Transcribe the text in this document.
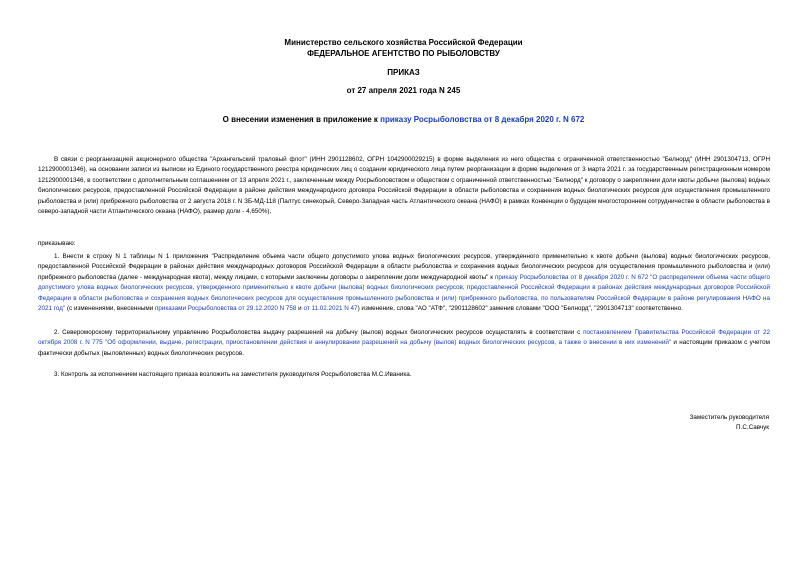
Министерство сельского хозяйства Российской Федерации
ФЕДЕРАЛЬНОЕ АГЕНТСТВО ПО РЫБОЛОВСТВУ
ПРИКАЗ
от 27 апреля 2021 года N 245
О внесении изменения в приложение к приказу Росрыболовства от 8 декабря 2020 г. N 672

В связи с реорганизацией акционерного общества "Архангельский траловый флот" (ИНН 2901128602, ОГРН 1042900029215) в форме выделения из него общества с ограниченной ответственностью "Белнорд" (ИНН 2901304713, ОГРН 1212900001346), на основании записи из выписки из Единого государственного реестра юридических лиц о создании юридического лица путем реорганизации в форме выделения от 3 марта 2021 г. за государственным регистрационным номером 1212900001346, в соответствии с дополнительным соглашением от 13 апреля 2021 г., заключенным между Росрыболовством и обществом с ограниченной ответственностью "Белнорд" к договору о закреплении доли квоты добычи (вылова) водных биологических ресурсов, предоставленной Российской Федерации в районе действия международного договора Российской Федерации в области рыболовства и сохранения водных биологических ресурсов для осуществления промышленного рыболовства и (или) прибрежного рыболовства от 2 августа 2018 г. N ЗБ-МД-118 (Палтус синекорый, Северо-Западная часть Атлантического океана (НАФО) в рамках Конвенции о будущем многостороннем сотрудничестве в области рыболовства в северо-западной части Атлантического океана (НАФО), размер доли - 4,650%),

приказываю:

1. Внести в строку N 1 таблицы N 1 приложения "Распределение объема части общего допустимого улова водных биологических ресурсов, утвержденного применительно к квоте добычи (вылова) водных биологических ресурсов, предоставленной Российской Федерации в районах действия международных договоров Российской Федерации в области рыболовства и сохранения водных биологических ресурсов для осуществления промышленного рыболовства и (или) прибрежного рыболовства (далее - международная квота), между лицами, с которыми заключены договоры о закреплении доли международной квоты" к приказу Росрыболовства от 8 декабря 2020 г. N 672 "О распределении объема части общего допустимого улова водных биологических ресурсов, утвержденного применительно к квоте добычи (вылова) водных биологических ресурсов, предоставленной Российской Федерации в районах действия международных договоров Российской Федерации в области рыболовства и сохранения водных биологических ресурсов для осуществления промышленного рыболовства и (или) прибрежного рыболовства, по пользователям Российской Федерации в районе регулирования НАФО на 2021 год" (с изменениями, внесенными приказами Росрыболовства от 29.12.2020 N 758 и от 11.02.2021 N 47) изменение, слова "АО "АТФ", "2901128602" заменив словами "ООО "Белнорд", "2901304713" соответственно.

2. Североморскому территориальному управлению Росрыболовства выдачу разрешений на добычу (вылов) водных биологических ресурсов осуществлять в соответствии с постановлением Правительства Российской Федерации от 22 октября 2008 г. N 775 "Об оформлении, выдаче, регистрации, приостановлении действия и аннулировании разрешений на добычу (вылов) водных биологических ресурсов, а также о внесении в них изменений" и настоящим приказом с учетом фактически добытых (выловленных) водных биологических ресурсов.

3. Контроль за исполнением настоящего приказа возложить на заместителя руководителя Росрыболовства М.С.Иваника.

Заместитель руководителя
П.С.Савчук
